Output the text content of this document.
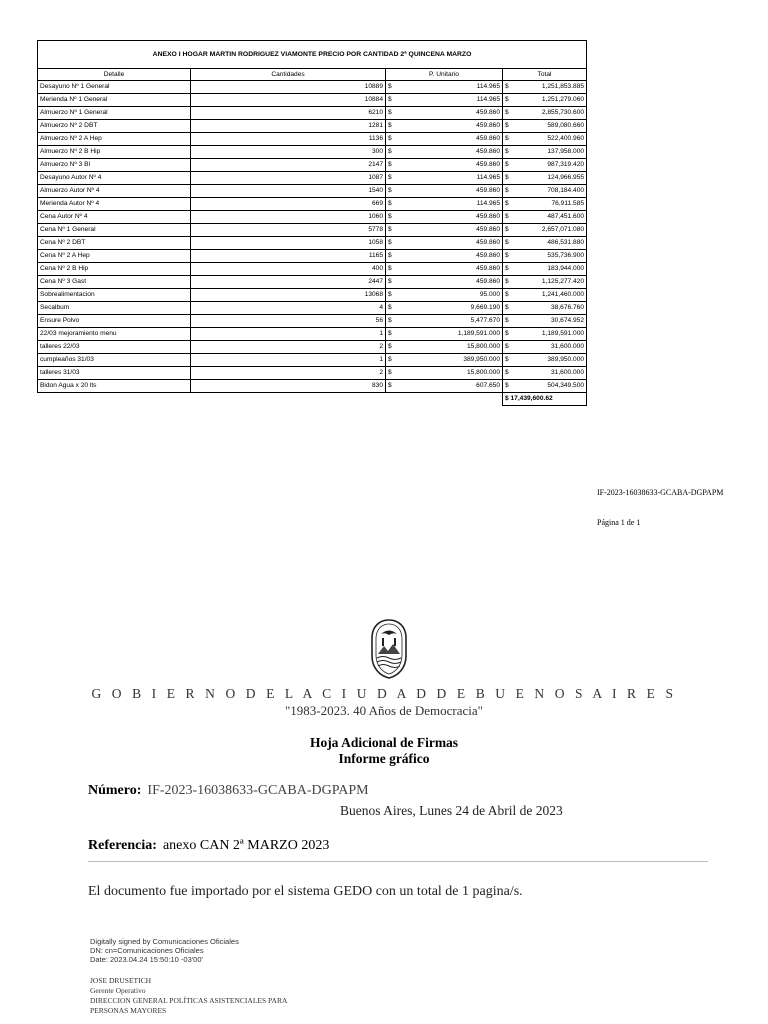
ANEXO I HOGAR MARTIN RODRIGUEZ VIAMONTE PRECIO POR CANTIDAD 2ª QUINCENA MARZO			
Detalle	Cantidades	P. Unitario	Total
Desayuno Nº 1 General	10889	$ 114.965	$ 1,251,853.885

Merienda Nº 1 General	10884	$ 114.965	$ 1,251,279.060

Almuerzo Nº 1 General	6210	$ 459.860	$ 2,855,730.600

Almuerzo Nº 2 DBT	1281	$ 459.860	$ 589,080.660

Almuerzo Nº 2 A Hep	1136	$ 459.860	$ 522,400.960

Almuerzo Nº 2 B Hip	300	$ 459.860	$ 137,958.000

Almuerzo Nº 3 Bl	2147	$ 459.860	$ 987,319.420

Desayuno Autor Nº 4	1087	$ 114.965	$ 124,966.955

Almuerzo Autor Nº 4	1540	$ 459.860	$ 708,184.400

Merienda Autor Nº 4	669	$ 114.965	$ 76,911.585

Cena Autor Nº 4	1060	$ 459.860	$ 487,451.600

Cena Nº 1 General	5778	$ 459.860	$ 2,657,071.080

Cena Nº 2 DBT	1058	$ 459.860	$ 486,531.880

Cena Nº 2 A Hep	1165	$ 459.860	$ 535,736.900

Cena Nº 2 B Hip	400	$ 459.860	$ 183,944.000

Cena Nº 3 Gast	2447	$ 459.860	$ 1,125,277.420

Sobrealimentacion	13068	$ 95.000	$ 1,241,460.000

Secalbum	4	$ 9,669.190	$ 38,676.760

Ensure Polvo	56	$ 5,477.670	$ 30,674.952

22/03 mejoramiento menu	1	$ 1,189,591.000	$ 1,189,591.000

talleres 22/03	2	$ 15,800.000	$ 31,600.000

cumpleaños 31/03	1	$ 389,950.000	$ 389,950.000

talleres 31/03	2	$ 15,800.000	$ 31,600.000

Bidon Agua x 20 lts	830	$ 607.650	$ 504,349.500

			$ 17,439,600.62
IF-2023-16038633-GCABA-DGPAPM
Página 1 de 1
G O B I E R N O D E L A C I U D A D D E B U E N O S A I R E S
"1983-2023. 40 Años de Democracia"
Hoja Adicional de Firmas
Informe gráfico
Número: IF-2023-16038633-GCABA-DGPAPM
Buenos Aires, Lunes 24 de Abril de 2023
Referencia: anexo CAN 2ª MARZO 2023
El documento fue importado por el sistema GEDO con un total de 1 pagina/s.
Digitally signed by Comunicaciones Oficiales
DN: cn=Comunicaciones Oficiales
Date: 2023.04.24 15:50:10 -03'00'
JOSE DRUSETICH
Gerente Operativo
DIRECCION GENERAL POLÍTICAS ASISTENCIALES PARA
PERSONAS MAYORES
